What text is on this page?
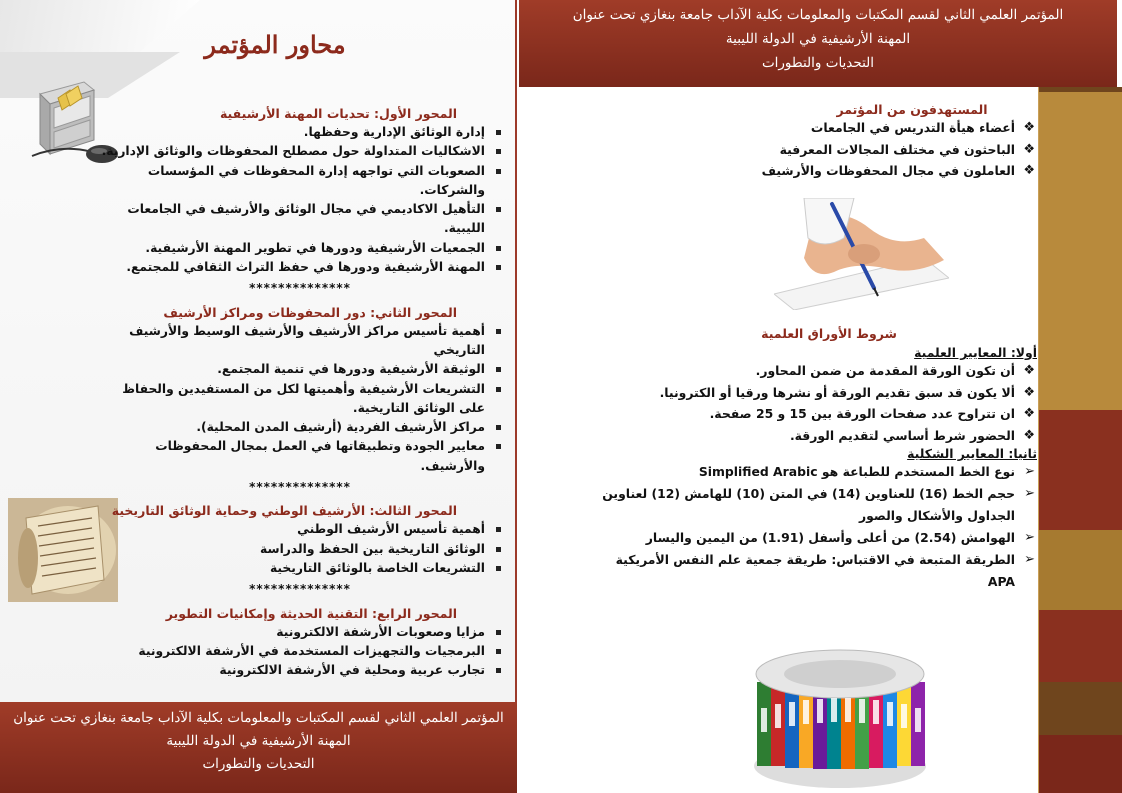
محاور المؤتمر
المحور الأول: تحديات المهنة الأرشيفية
إدارة الوثائق الإدارية وحفظها.
الاشكاليات المتداولة حول مصطلح المحفوظات والوثائق الإدارية.
الصعوبات التي تواجهه إدارة المحفوظات في المؤسسات والشركات.
التأهيل الاكاديمي في مجال الوثائق والأرشيف في الجامعات الليبية.
الجمعيات الأرشيفية ودورها في تطوير المهنة الأرشيفية.
المهنة الأرشيفية ودورها في حفظ التراث الثقافي للمجتمع.
**************
المحور الثاني: دور المحفوظات ومراكز الأرشيف
أهمية تأسيس مراكز الأرشيف والأرشيف الوسيط والأرشيف التاريخي
الوثيقة الأرشيفية ودورها في تنمية المجتمع.
التشريعات الأرشيفية وأهميتها لكل من المستفيدين والحفاظ على الوثائق التاريخية.
مراكز الأرشيف الفردية (أرشيف المدن المحلية).
معايير الجودة وتطبيقاتها في العمل بمجال المحفوظات والأرشيف.
**************
المحور الثالث: الأرشيف الوطني وحماية الوثائق التاريخية
أهمية تأسيس الأرشيف الوطني
الوثائق التاريخية بين الحفظ والدراسة
التشريعات الخاصة بالوثائق التاريخية
**************
المحور الرابع: التقنية الحديثة وإمكانيات التطوير
مزايا وصعوبات الأرشفة الالكترونية
البرمجيات والتجهيزات المستخدمة في الأرشفة الالكترونية
تجارب عربية ومحلية في الأرشفة الالكترونية
المؤتمر العلمي الثاني لقسم المكتبات والمعلومات بكلية الآداب جامعة بنغازي تحت عنوان
المهنة الأرشيفية في الدولة الليبية
التحديات والتطورات
المؤتمر العلمي الثاني لقسم المكتبات والمعلومات بكلية الآداب جامعة بنغازي تحت عنوان
المهنة الأرشيفية في الدولة الليبية
التحديات والتطورات
المستهدفون من المؤتمر
❖
أعضاء هيأة التدريس في الجامعات
❖
الباحثون في مختلف المجالات المعرفية
❖
العاملون في مجال المحفوظات والأرشيف
شروط الأوراق العلمية
أولا: المعايير العلمية
❖
أن تكون الورقة المقدمة من ضمن المحاور.
❖
ألا يكون قد سبق تقديم الورقة أو نشرها ورقيا أو الكترونيا.
❖
ان تتراوح عدد صفحات الورقة بين 15 و 25 صفحة.
❖
الحضور شرط أساسي لتقديم الورقة.
ثانيا: المعايير الشكلية
➢
نوع الخط المستخدم للطباعة هو Simplified Arabic
➢
حجم الخط (16) للعناوين (14) في المتن (10) للهامش (12) لعناوين الجداول والأشكال والصور
➢
الهوامش (2.54) من أعلى وأسفل (1.91) من اليمين واليسار
➢
الطريقة المتبعة في الاقتباس: طريقة جمعية علم النفس الأمريكية APA
